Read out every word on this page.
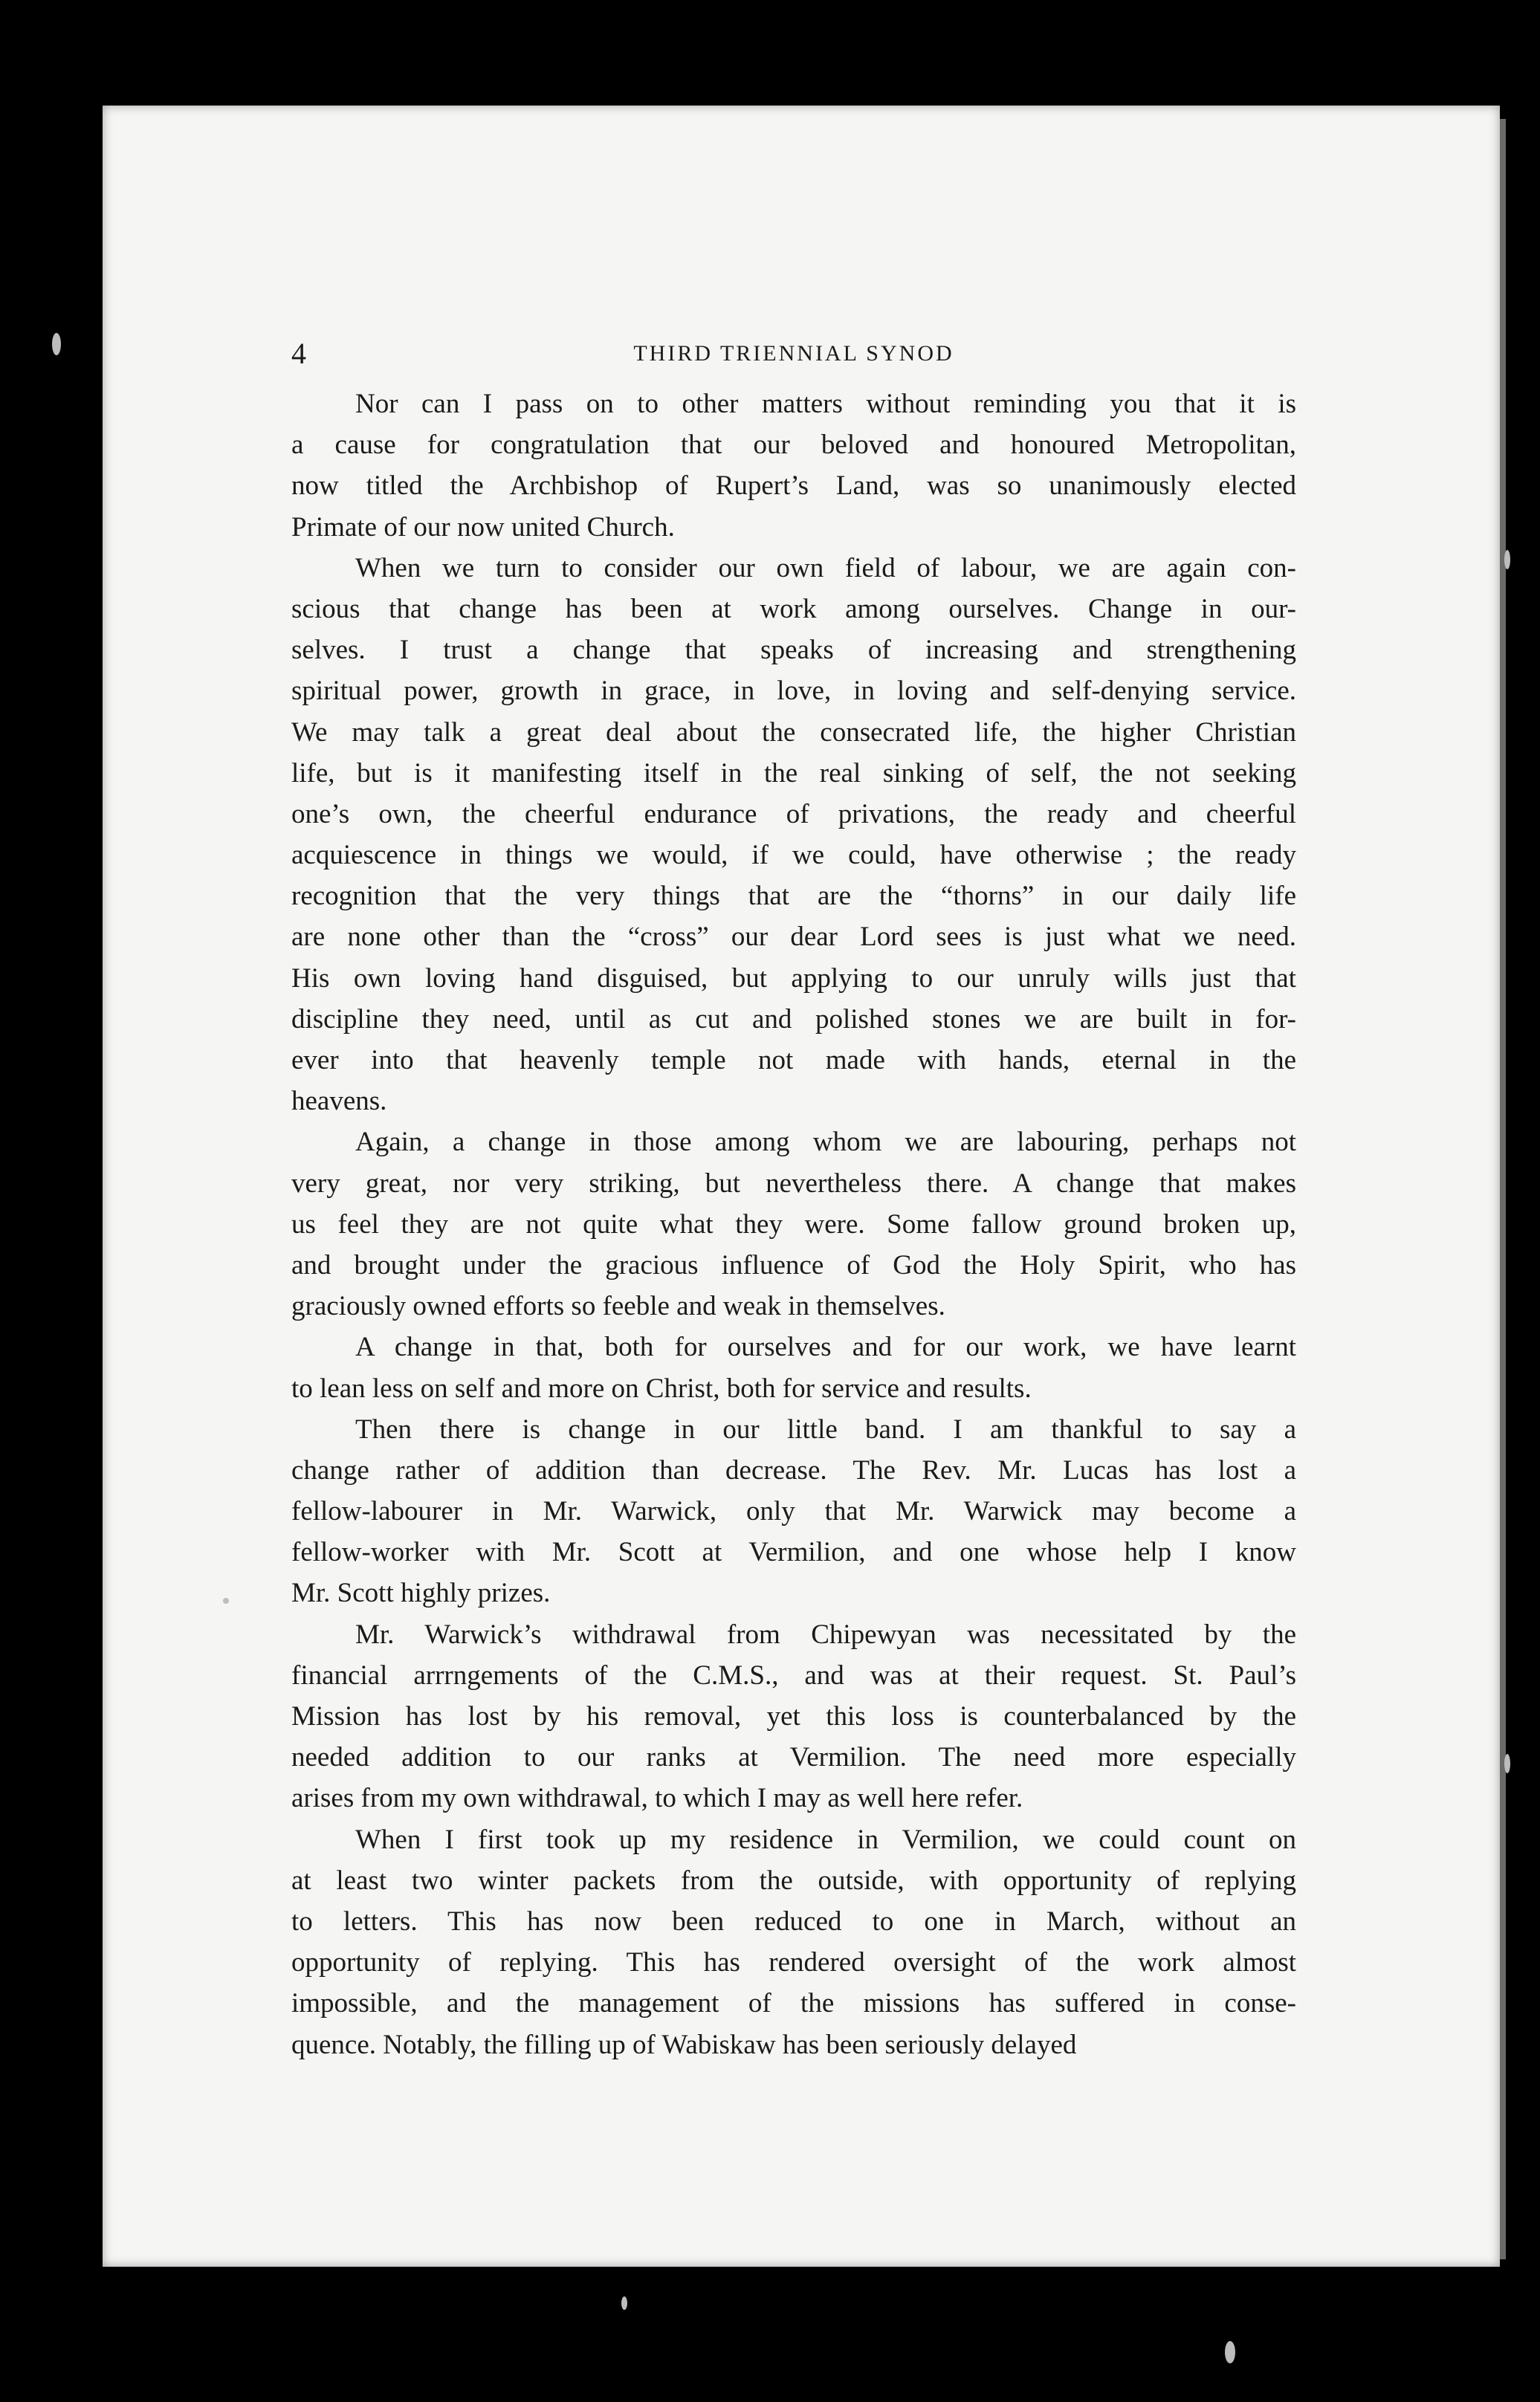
4	THIRD TRIENNIAL SYNOD
Nor can I pass on to other matters without reminding you that it is
a cause for congratulation that our beloved and honoured Metropolitan,
now titled the Archbishop of Rupert’s Land, was so unanimously elected
Primate of our now united Church.
When we turn to consider our own field of labour, we are again con-
scious that change has been at work among ourselves. Change in our-
selves. I trust a change that speaks of increasing and strengthening
spiritual power, growth in grace, in love, in loving and self-denying service.
We may talk a great deal about the consecrated life, the higher Christian
life, but is it manifesting itself in the real sinking of self, the not seeking
one’s own, the cheerful endurance of privations, the ready and cheerful
acquiescence in things we would, if we could, have otherwise ; the ready
recognition that the very things that are the “thorns” in our daily life
are none other than the “cross” our dear Lord sees is just what we need.
His own loving hand disguised, but applying to our unruly wills just that
discipline they need, until as cut and polished stones we are built in for-
ever into that heavenly temple not made with hands, eternal in the
heavens.
Again, a change in those among whom we are labouring, perhaps not
very great, nor very striking, but nevertheless there. A change that makes
us feel they are not quite what they were. Some fallow ground broken up,
and brought under the gracious influence of God the Holy Spirit, who has
graciously owned efforts so feeble and weak in themselves.
A change in that, both for ourselves and for our work, we have learnt
to lean less on self and more on Christ, both for service and results.
Then there is change in our little band. I am thankful to say a
change rather of addition than decrease. The Rev. Mr. Lucas has lost a
fellow-labourer in Mr. Warwick, only that Mr. Warwick may become a
fellow-worker with Mr. Scott at Vermilion, and one whose help I know
Mr. Scott highly prizes.
Mr. Warwick’s withdrawal from Chipewyan was necessitated by the
financial arrrngements of the C.M.S., and was at their request. St. Paul’s
Mission has lost by his removal, yet this loss is counterbalanced by the
needed addition to our ranks at Vermilion. The need more especially
arises from my own withdrawal, to which I may as well here refer.
When I first took up my residence in Vermilion, we could count on
at least two winter packets from the outside, with opportunity of replying
to letters. This has now been reduced to one in March, without an
opportunity of replying. This has rendered oversight of the work almost
impossible, and the management of the missions has suffered in conse-
quence. Notably, the filling up of Wabiskaw has been seriously delayed
